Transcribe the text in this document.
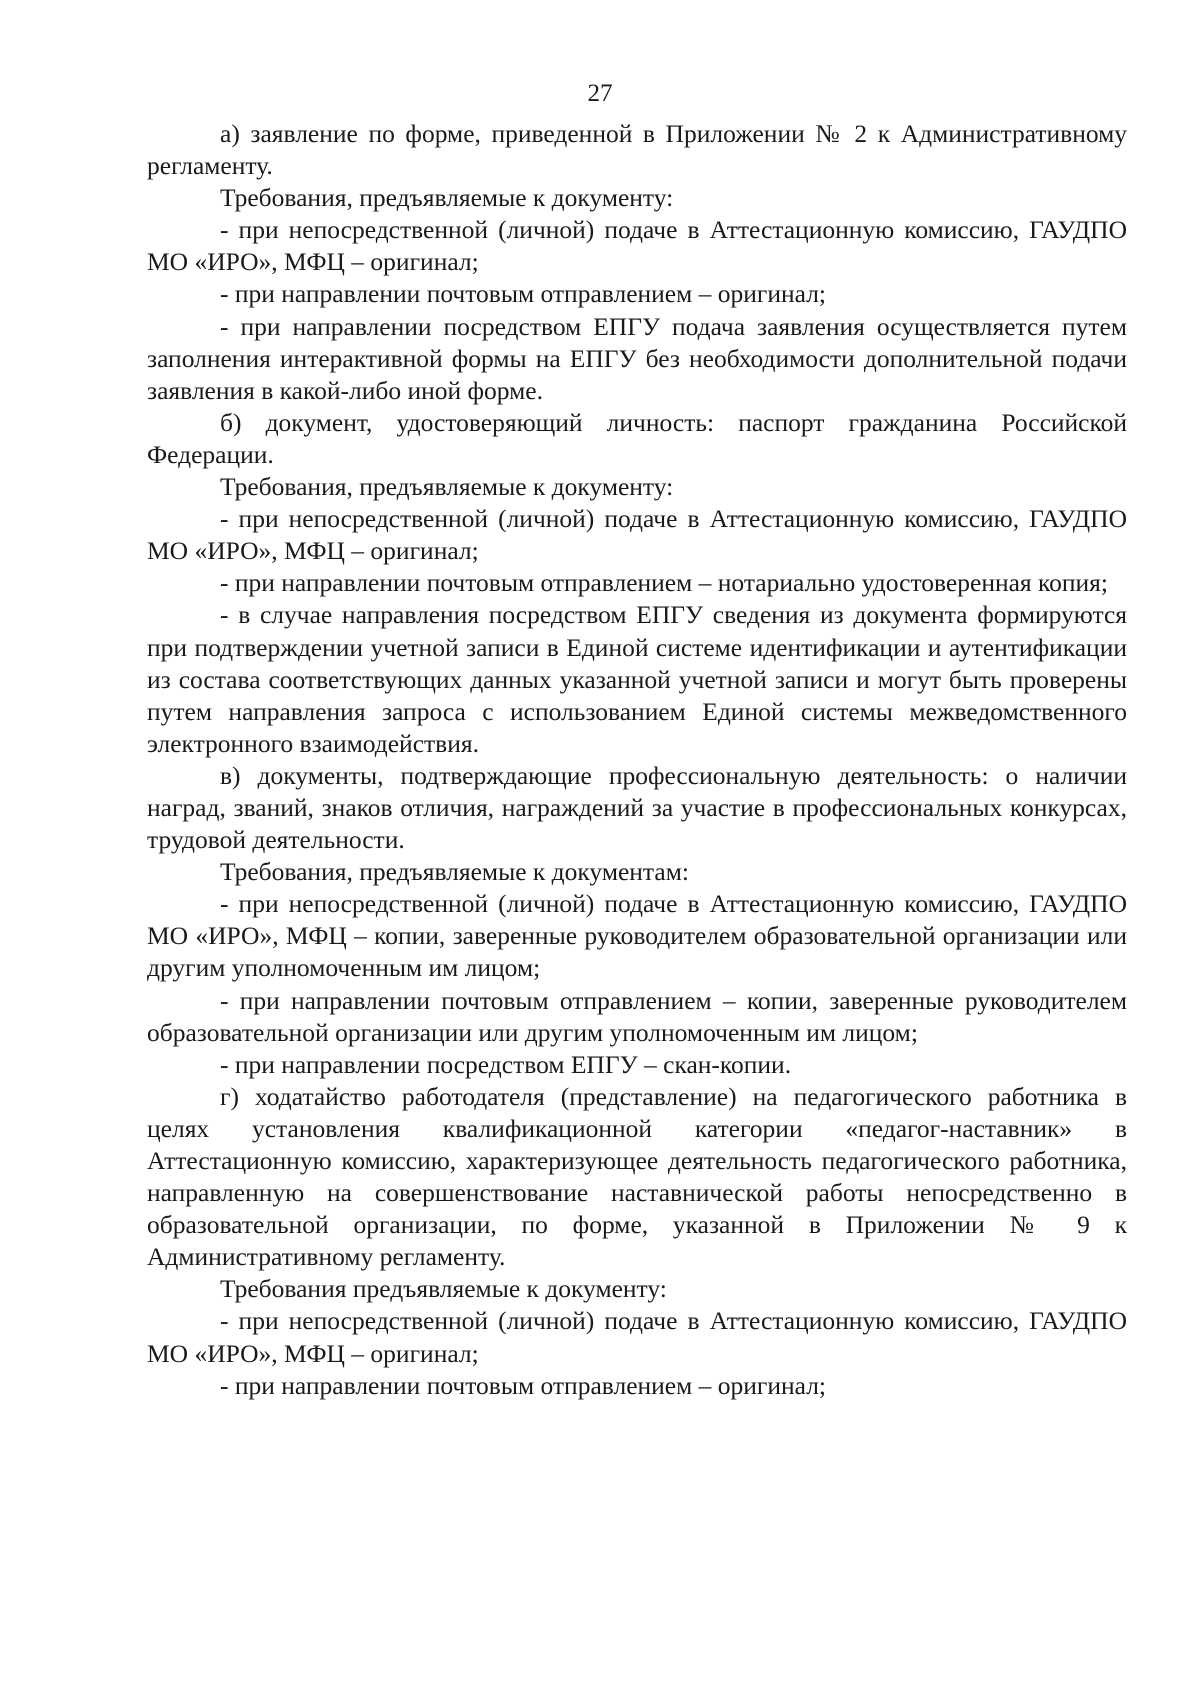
27

а) заявление по форме, приведенной в Приложении № 2 к Административному регламенту.

Требования, предъявляемые к документу:

- при непосредственной (личной) подаче в Аттестационную комиссию, ГАУДПО МО «ИРО», МФЦ – оригинал;

- при направлении почтовым отправлением – оригинал;

- при направлении посредством ЕПГУ подача заявления осуществляется путем заполнения интерактивной формы на ЕПГУ без необходимости дополнительной подачи заявления в какой-либо иной форме.

б) документ, удостоверяющий личность: паспорт гражданина Российской Федерации.

Требования, предъявляемые к документу:

- при непосредственной (личной) подаче в Аттестационную комиссию, ГАУДПО МО «ИРО», МФЦ – оригинал;

- при направлении почтовым отправлением – нотариально удостоверенная копия;

- в случае направления посредством ЕПГУ сведения из документа формируются при подтверждении учетной записи в Единой системе идентификации и аутентификации из состава соответствующих данных указанной учетной записи и могут быть проверены путем направления запроса с использованием Единой системы межведомственного электронного взаимодействия.

в) документы, подтверждающие профессиональную деятельность: о наличии наград, званий, знаков отличия, награждений за участие в профессиональных конкурсах, трудовой деятельности.

Требования, предъявляемые к документам:

- при непосредственной (личной) подаче в Аттестационную комиссию, ГАУДПО МО «ИРО», МФЦ – копии, заверенные руководителем образовательной организации или другим уполномоченным им лицом;

- при направлении почтовым отправлением – копии, заверенные руководителем образовательной организации или другим уполномоченным им лицом;

- при направлении посредством ЕПГУ – скан-копии.

г) ходатайство работодателя (представление) на педагогического работника в целях установления квалификационной категории «педагог-наставник» в Аттестационную комиссию, характеризующее деятельность педагогического работника, направленную на совершенствование наставнической работы непосредственно в образовательной организации, по форме, указанной в Приложении № 9 к Административному регламенту.

Требования предъявляемые к документу:

- при непосредственной (личной) подаче в Аттестационную комиссию, ГАУДПО МО «ИРО», МФЦ – оригинал;

- при направлении почтовым отправлением – оригинал;
